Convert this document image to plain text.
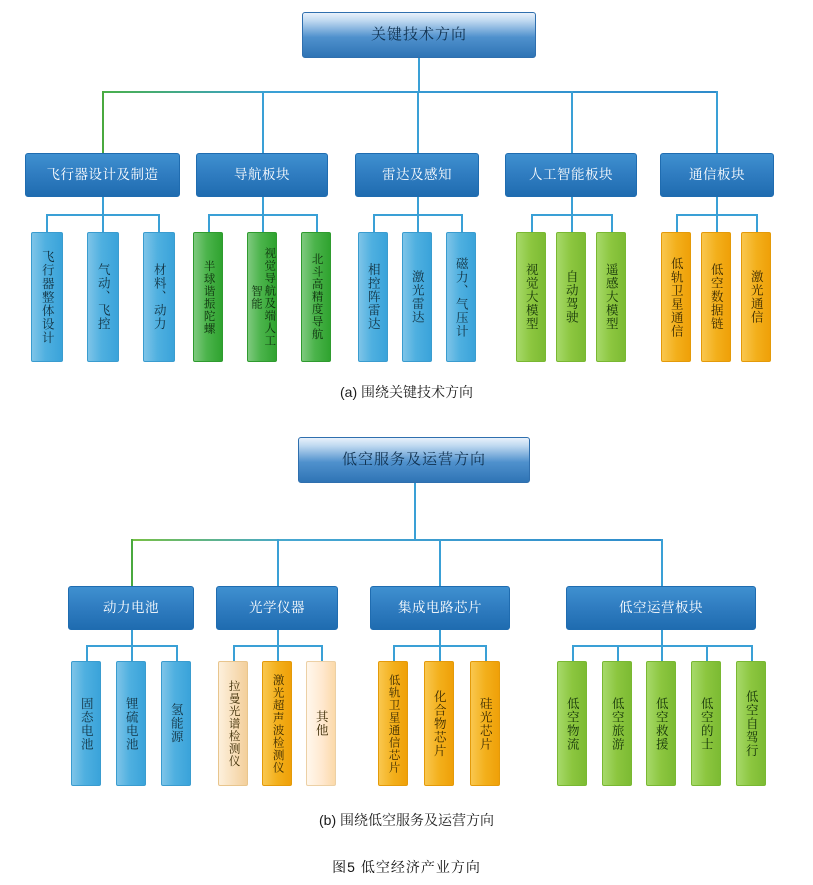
关键技术方向
飞行器设计及制造	导航板块	雷达及感知	人工智能板块	通信板块
飞行器整体设计	气动、飞控	材料、动力	半球谐振陀螺	视觉导航及端人工智能	北斗高精度导航	相控阵雷达	激光雷达	磁力、气压计	视觉大模型	自动驾驶	遥感大模型	低轨卫星通信	低空数据链	激光通信
(a) 围绕关键技术方向
低空服务及运营方向
动力电池	光学仪器	集成电路芯片	低空运营板块
固态电池	锂硫电池	氢能源	拉曼光谱检测仪	激光超声波检测仪	其他	低轨卫星通信芯片	化合物芯片	硅光芯片	低空物流	低空旅游	低空救援	低空的士	低空自驾行
(b) 围绕低空服务及运营方向
图5 低空经济产业方向
